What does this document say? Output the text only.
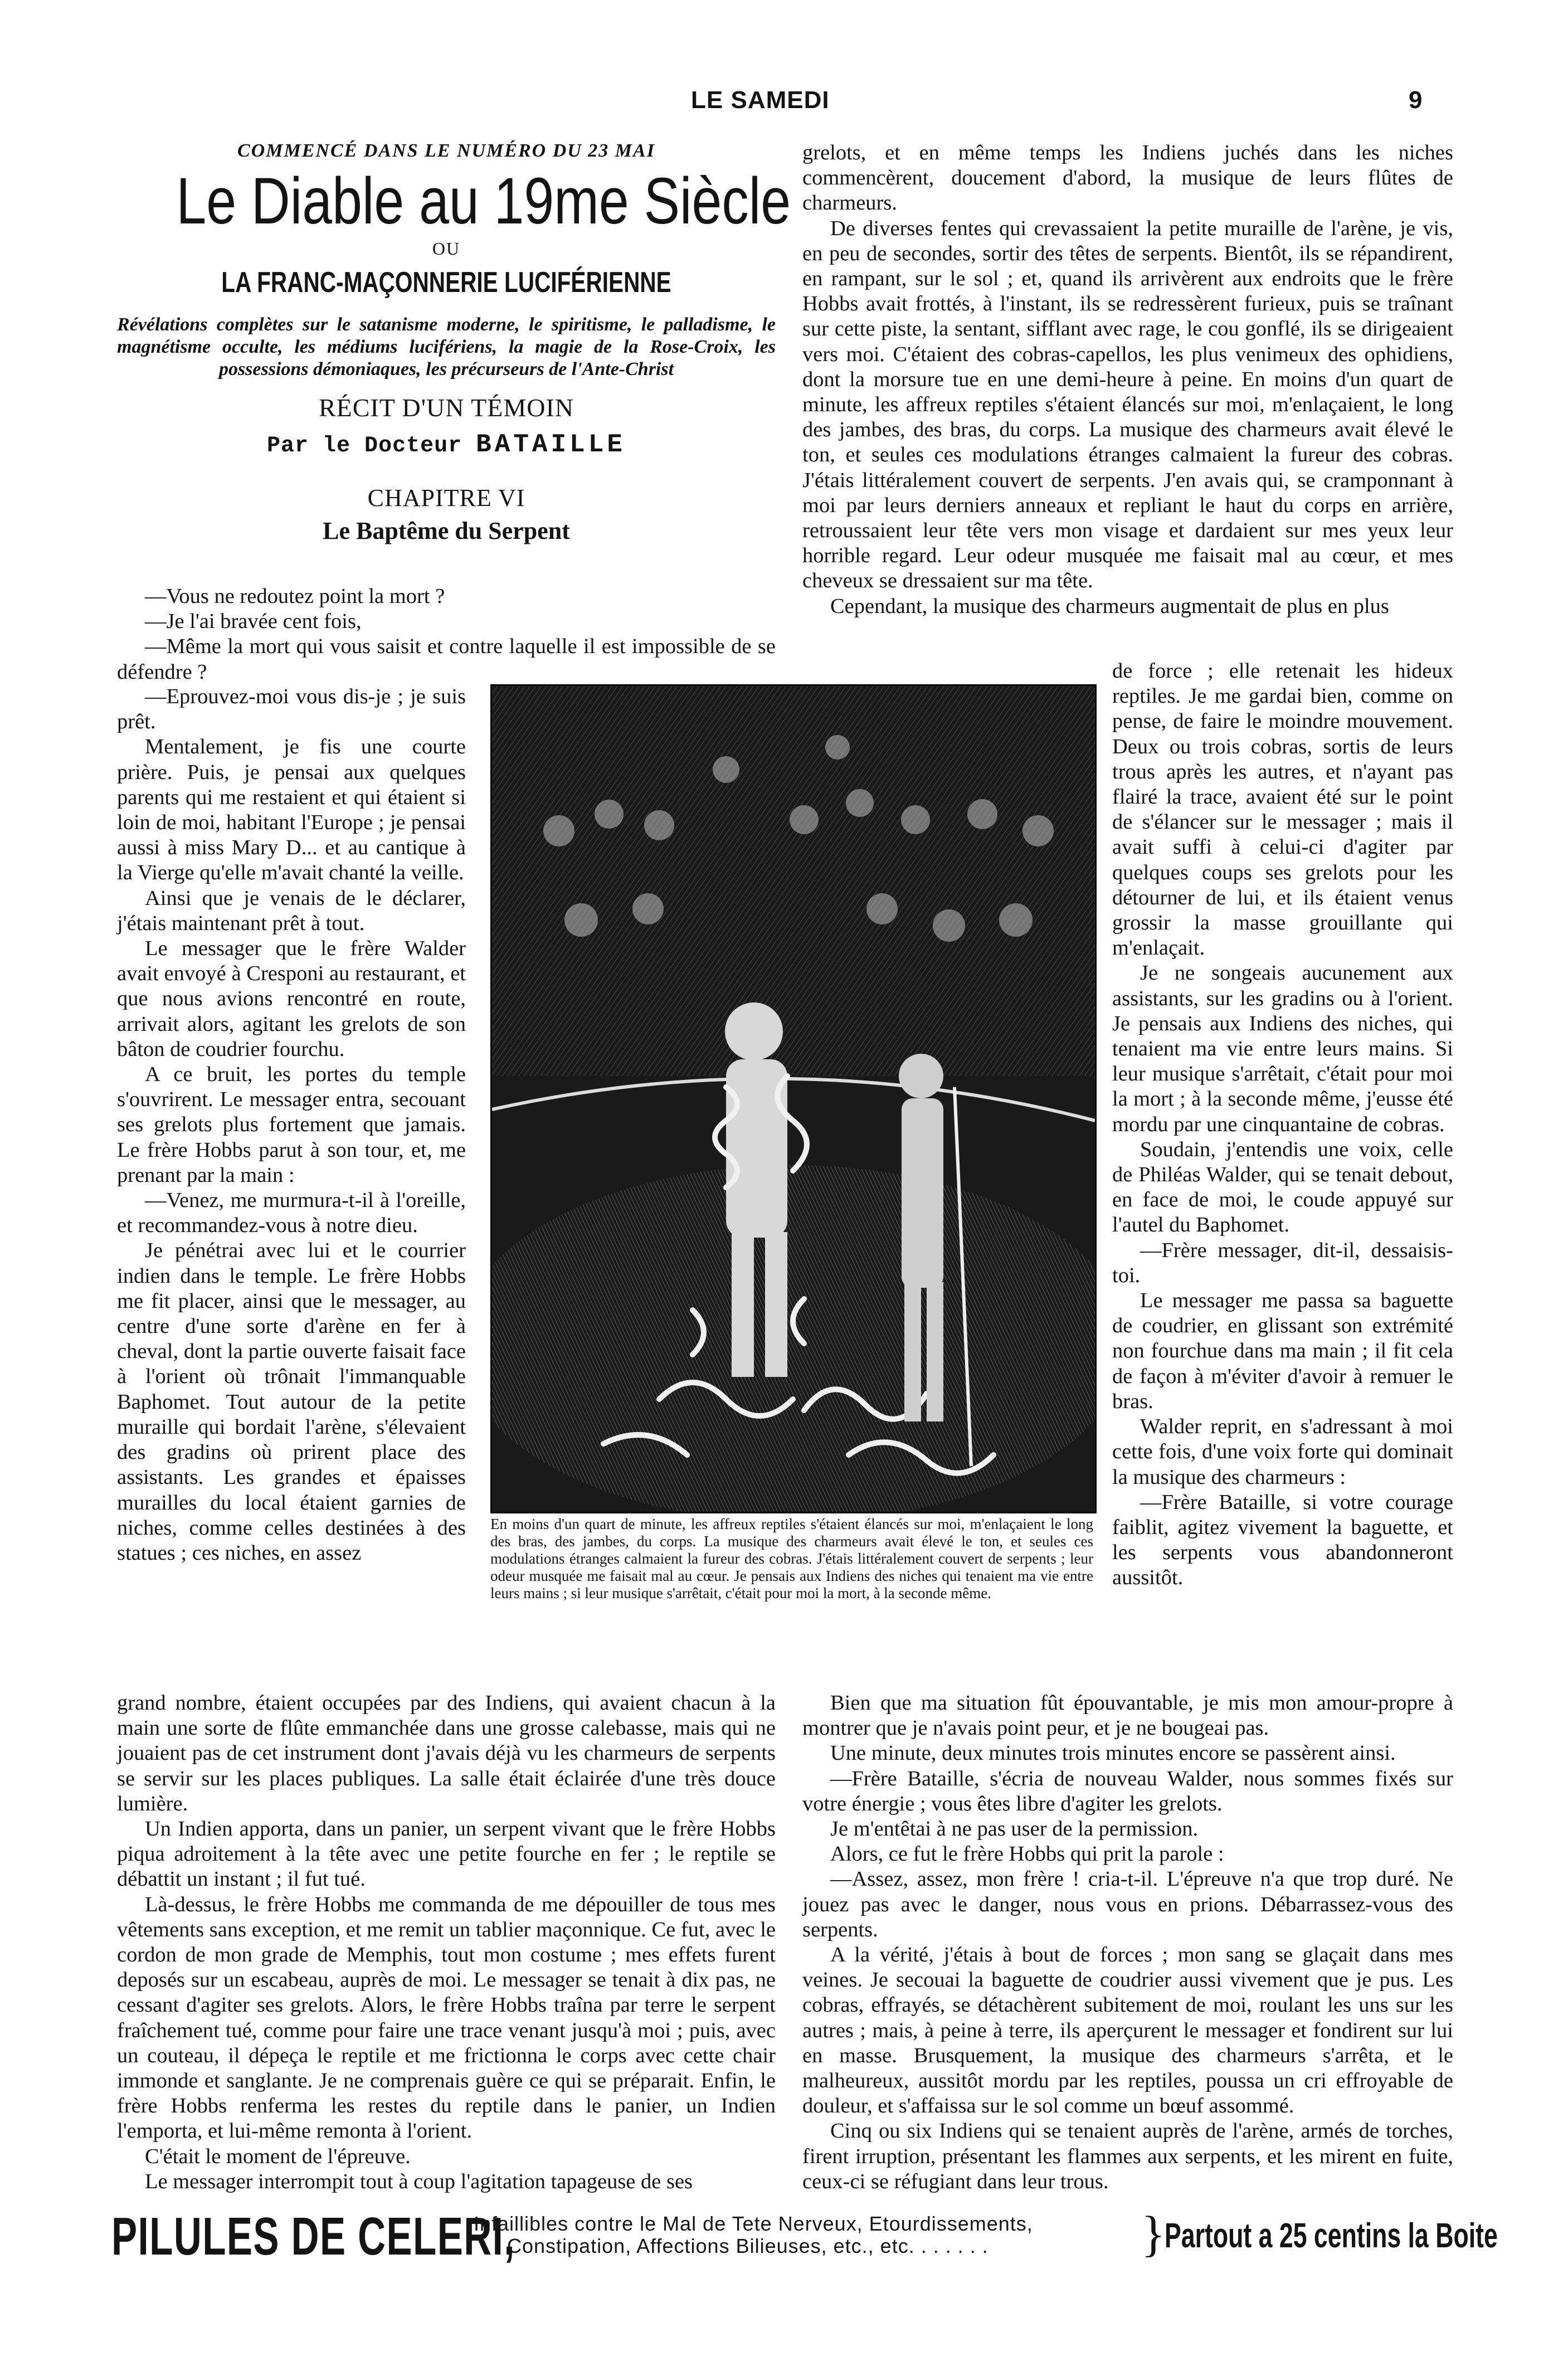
LE SAMEDI	9
COMMENCÉ DANS LE NUMÉRO DU 23 MAI
Le Diable au 19me Siècle
OU
LA FRANC-MAÇONNERIE LUCIFÉRIENNE
Révélations complètes sur le satanisme moderne, le spiritisme, le palladisme, le magnétisme occulte, les médiums lucifériens, la magie de la Rose-Croix, les possessions démoniaques, les précurseurs de l'Ante-Christ
RÉCIT D'UN TÉMOIN
Par le Docteur BATAILLE
CHAPITRE VI
Le Baptême du Serpent

—Vous ne redoutez point la mort ?

—Je l'ai bravée cent fois,

—Même la mort qui vous saisit et contre laquelle il est impossible de se défendre ?

—Eprouvez-moi vous dis-je ; je suis prêt.

Mentalement, je fis une courte prière. Puis, je pensai aux quelques parents qui me restaient et qui étaient si loin de moi, habitant l'Europe ; je pensai aussi à miss Mary D... et au cantique à la Vierge qu'elle m'avait chanté la veille.

Ainsi que je venais de le déclarer, j'étais maintenant prêt à tout.

Le messager que le frère Walder avait envoyé à Cresponi au restaurant, et que nous avions rencontré en route, arrivait alors, agitant les grelots de son bâton de coudrier fourchu.

A ce bruit, les portes du temple s'ouvrirent. Le messager entra, secouant ses grelots plus fortement que jamais. Le frère Hobbs parut à son tour, et, me prenant par la main :

—Venez, me murmura-t-il à l'oreille, et recommandez-vous à notre dieu.

Je pénétrai avec lui et le courrier indien dans le temple. Le frère Hobbs me fit placer, ainsi que le messager, au centre d'une sorte d'arène en fer à cheval, dont la partie ouverte faisait face à l'orient où trônait l'immanquable Baphomet. Tout autour de la petite muraille qui bordait l'arène, s'élevaient des gradins où prirent place des assistants. Les grandes et épaisses murailles du local étaient garnies de niches, comme celles destinées à des statues ; ces niches, en assez

En moins d'un quart de minute, les affreux reptiles s'étaient élancés sur moi, m'enlaçaient le long des bras, des jambes, du corps. La musique des charmeurs avait élevé le ton, et seules ces modulations étranges calmaient la fureur des cobras. J'étais littéralement couvert de serpents ; leur odeur musquée me faisait mal au cœur. Je pensais aux Indiens des niches qui tenaient ma vie entre leurs mains ; si leur musique s'arrêtait, c'était pour moi la mort, à la seconde même.

grand nombre, étaient occupées par des Indiens, qui avaient chacun à la main une sorte de flûte emmanchée dans une grosse calebasse, mais qui ne jouaient pas de cet instrument dont j'avais déjà vu les charmeurs de serpents se servir sur les places publiques. La salle était éclairée d'une très douce lumière.

Un Indien apporta, dans un panier, un serpent vivant que le frère Hobbs piqua adroitement à la tête avec une petite fourche en fer ; le reptile se débattit un instant ; il fut tué.

Là-dessus, le frère Hobbs me commanda de me dépouiller de tous mes vêtements sans exception, et me remit un tablier maçonnique. Ce fut, avec le cordon de mon grade de Memphis, tout mon costume ; mes effets furent deposés sur un escabeau, auprès de moi. Le messager se tenait à dix pas, ne cessant d'agiter ses grelots. Alors, le frère Hobbs traîna par terre le serpent fraîchement tué, comme pour faire une trace venant jusqu'à moi ; puis, avec un couteau, il dépeça le reptile et me frictionna le corps avec cette chair immonde et sanglante. Je ne comprenais guère ce qui se préparait. Enfin, le frère Hobbs renferma les restes du reptile dans le panier, un Indien l'emporta, et lui-même remonta à l'orient.

C'était le moment de l'épreuve.

Le messager interrompit tout à coup l'agitation tapageuse de ses

grelots, et en même temps les Indiens juchés dans les niches commencèrent, doucement d'abord, la musique de leurs flûtes de charmeurs.

De diverses fentes qui crevassaient la petite muraille de l'arène, je vis, en peu de secondes, sortir des têtes de serpents. Bientôt, ils se répandirent, en rampant, sur le sol ; et, quand ils arrivèrent aux endroits que le frère Hobbs avait frottés, à l'instant, ils se redressèrent furieux, puis se traînant sur cette piste, la sentant, sifflant avec rage, le cou gonflé, ils se dirigeaient vers moi. C'étaient des cobras-capellos, les plus venimeux des ophidiens, dont la morsure tue en une demi-heure à peine. En moins d'un quart de minute, les affreux reptiles s'étaient élancés sur moi, m'enlaçaient, le long des jambes, des bras, du corps. La musique des charmeurs avait élevé le ton, et seules ces modulations étranges calmaient la fureur des cobras. J'étais littéralement couvert de serpents. J'en avais qui, se cramponnant à moi par leurs derniers anneaux et repliant le haut du corps en arrière, retroussaient leur tête vers mon visage et dardaient sur mes yeux leur horrible regard. Leur odeur musquée me faisait mal au cœur, et mes cheveux se dressaient sur ma tête.

Cependant, la musique des charmeurs augmentait de plus en plus

de force ; elle retenait les hideux reptiles. Je me gardai bien, comme on pense, de faire le moindre mouvement. Deux ou trois cobras, sortis de leurs trous après les autres, et n'ayant pas flairé la trace, avaient été sur le point de s'élancer sur le messager ; mais il avait suffi à celui-ci d'agiter par quelques coups ses grelots pour les détourner de lui, et ils étaient venus grossir la masse grouillante qui m'enlaçait.

Je ne songeais aucunement aux assistants, sur les gradins ou à l'orient. Je pensais aux Indiens des niches, qui tenaient ma vie entre leurs mains. Si leur musique s'arrêtait, c'était pour moi la mort ; à la seconde même, j'eusse été mordu par une cinquantaine de cobras.

Soudain, j'entendis une voix, celle de Philéas Walder, qui se tenait debout, en face de moi, le coude appuyé sur l'autel du Baphomet.

—Frère messager, dit-il, dessaisis-toi.

Le messager me passa sa baguette de coudrier, en glissant son extrémité non fourchue dans ma main ; il fit cela de façon à m'éviter d'avoir à remuer le bras.

Walder reprit, en s'adressant à moi cette fois, d'une voix forte qui dominait la musique des charmeurs :

—Frère Bataille, si votre courage faiblit, agitez vivement la baguette, et les serpents vous abandonneront aussitôt.

Bien que ma situation fût épouvantable, je mis mon amour-propre à montrer que je n'avais point peur, et je ne bougeai pas.

Une minute, deux minutes trois minutes encore se passèrent ainsi.

—Frère Bataille, s'écria de nouveau Walder, nous sommes fixés sur votre énergie ; vous êtes libre d'agiter les grelots.

Je m'entêtai à ne pas user de la permission.

Alors, ce fut le frère Hobbs qui prit la parole :

—Assez, assez, mon frère ! cria-t-il. L'épreuve n'a que trop duré. Ne jouez pas avec le danger, nous vous en prions. Débarrassez-vous des serpents.

A la vérité, j'étais à bout de forces ; mon sang se glaçait dans mes veines. Je secouai la baguette de coudrier aussi vivement que je pus. Les cobras, effrayés, se détachèrent subitement de moi, roulant les uns sur les autres ; mais, à peine à terre, ils aperçurent le messager et fondirent sur lui en masse. Brusquement, la musique des charmeurs s'arrêta, et le malheureux, aussitôt mordu par les reptiles, poussa un cri effroyable de douleur, et s'affaissa sur le sol comme un bœuf assommé.

Cinq ou six Indiens qui se tenaient auprès de l'arène, armés de torches, firent irruption, présentant les flammes aux serpents, et les mirent en fuite, ceux-ci se réfugiant dans leur trous.

PILULES DE CELERI,
Infaillibles contre le Mal de Tete Nerveux, Etourdissements,
Constipation, Affections Bilieuses, etc., etc. . . . . . .	}
Partout a 25 centins la Boite
